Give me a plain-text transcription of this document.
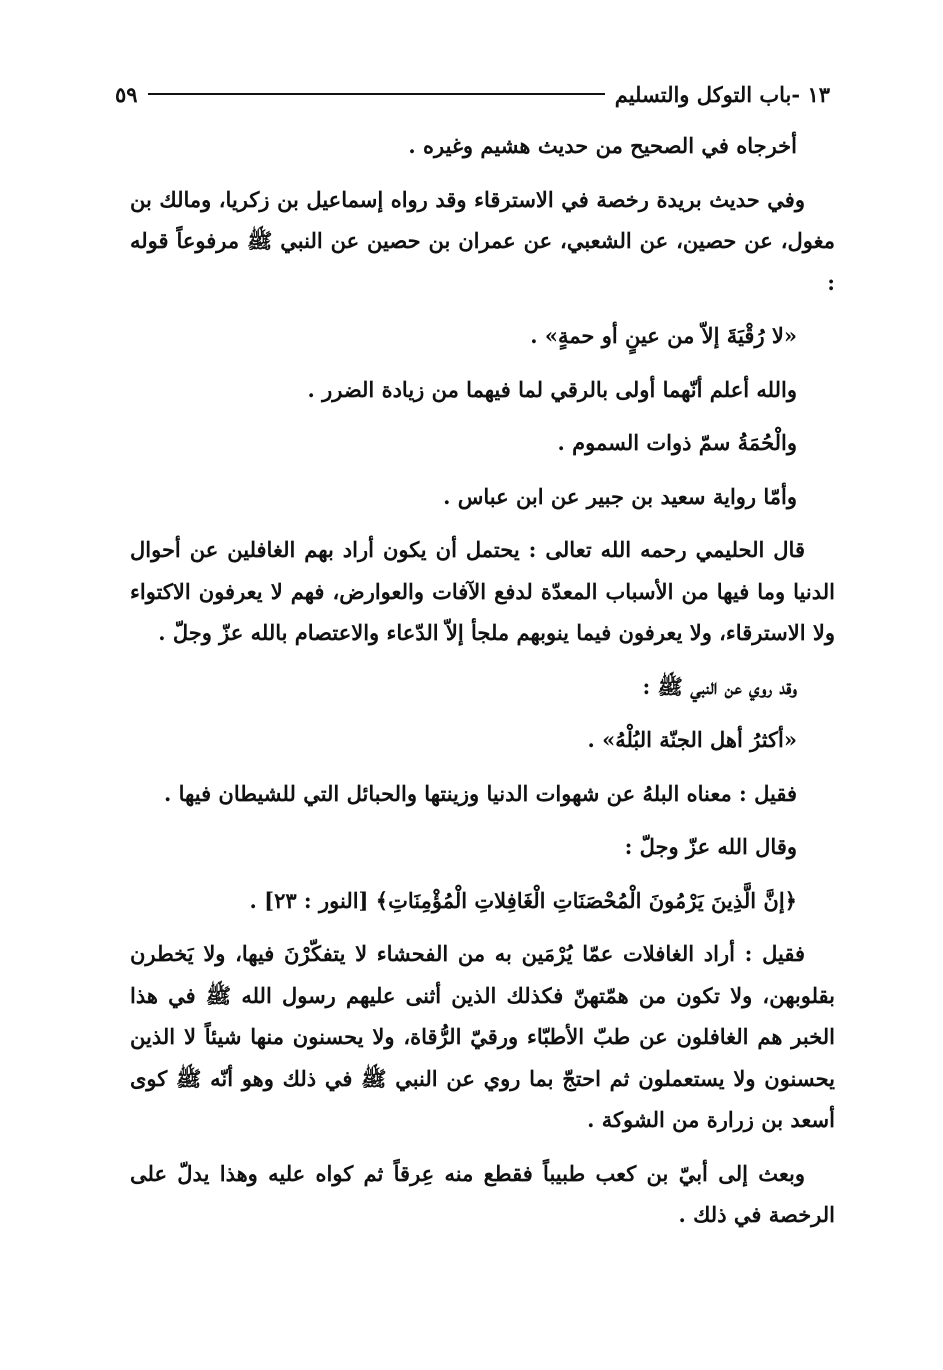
١٣ -باب التوكل والتسليم
٥٩

أخرجاه في الصحيح من حديث هشيم وغيره .

وفي حديث بريدة رخصة في الاسترقاء وقد رواه إسماعيل بن زكريا، ومالك بن مغول، عن حصين، عن الشعبي، عن عمران بن حصين عن النبي ﷺ مرفوعاً قوله :

«لا رُقْيَةَ إلاّ من عينٍ أو حمةٍ» .

والله أعلم أنّهما أولى بالرقي لما فيهما من زيادة الضرر .

والْحُمَةُ سمّ ذوات السموم .

وأمّا رواية سعيد بن جبير عن ابن عباس .

قال الحليمي رحمه الله تعالى : يحتمل أن يكون أراد بهم الغافلين عن أحوال الدنيا وما فيها من الأسباب المعدّة لدفع الآفات والعوارض، فهم لا يعرفون الاكتواء ولا الاسترقاء، ولا يعرفون فيما ينوبهم ملجأ إلاّ الدّعاء والاعتصام بالله عزّ وجلّ .

وقد روي عن النبي ﷺ :

«أكثرُ أهل الجنّة البُلْهُ» .

فقيل : معناه البلهُ عن شهوات الدنيا وزينتها والحبائل التي للشيطان فيها .

وقال الله عزّ وجلّ :

﴿إنَّ الَّذِينَ يَرْمُونَ الْمُحْصَنَاتِ الْغَافِلاتِ الْمُؤْمِنَاتِ﴾ [النور : ٢٣] .

فقيل : أراد الغافلات عمّا يُرْمَين به من الفحشاء لا يتفكّرْنَ فيها، ولا يَخطرن بقلوبهن، ولا تكون من همّتهنّ فكذلك الذين أثنى عليهم رسول الله ﷺ في هذا الخبر هم الغافلون عن طبّ الأطبّاء ورقيّ الرُّقاة، ولا يحسنون منها شيئاً لا الذين يحسنون ولا يستعملون ثم احتجّ بما روي عن النبي ﷺ في ذلك وهو أنّه ﷺ كوى أسعد بن زرارة من الشوكة .

وبعث إلى أبيّ بن كعب طبيباً فقطع منه عِرقاً ثم كواه عليه وهذا يدلّ على الرخصة في ذلك .
